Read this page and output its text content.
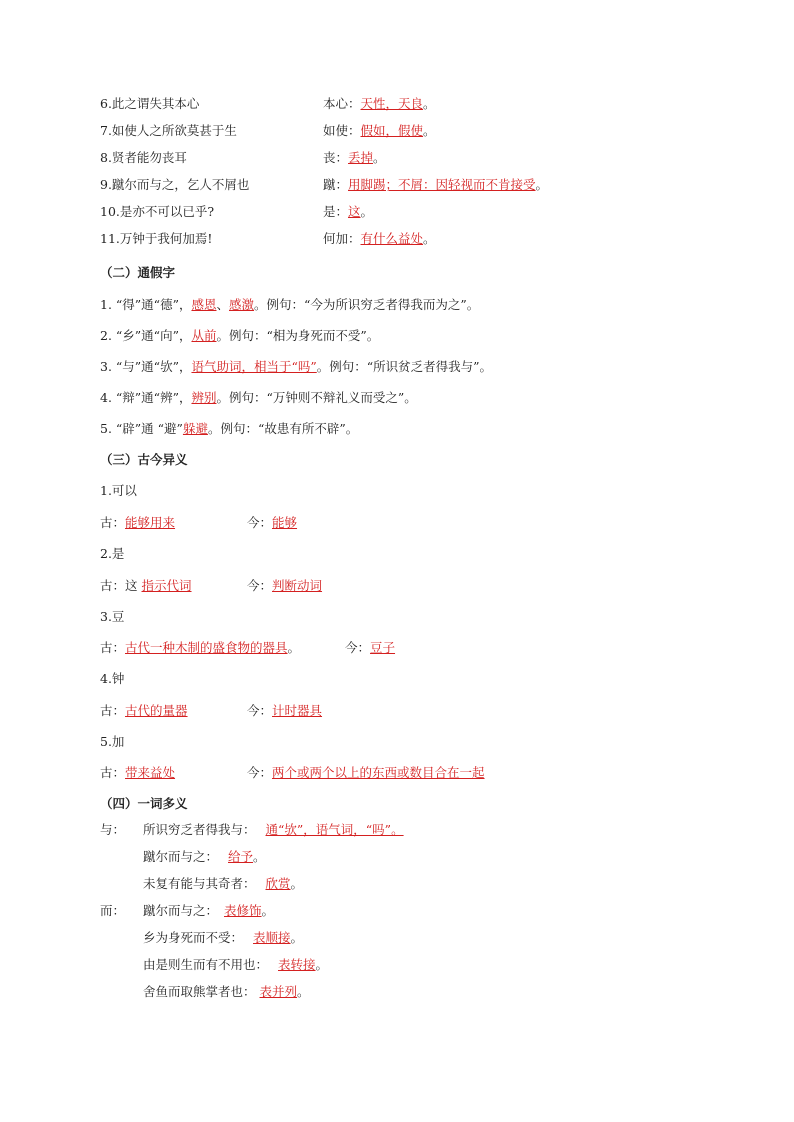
6.此之谓失其本心	本心：天性，天良。
7.如使人之所欲莫甚于生	如使：假如，假使。
8.贤者能勿丧耳	丧：丢掉。
9.蹴尔而与之，乞人不屑也	蹴：用脚踢；不屑：因轻视而不肯接受。
10.是亦不可以已乎?	是：这。
11.万钟于我何加焉!	何加：有什么益处。
（二）通假字
1. “得”通“德”，感恩、感激。例句：“今为所识穷乏者得我而为之”。
2. “乡”通“向”，从前。例句：“相为身死而不受”。
3. “与”通“欤”，语气助词，相当于“吗”。例句：“所识贫乏者得我与”。
4. “辩”通“辨”，辨别。例句：“万钟则不辩礼义而受之”。
5. “辟”通 “避”躲避。例句：“故患有所不辟”。
（三）古今异义
1.可以
古：能够用来	今：能够
2.是
古：这 指示代词	今：判断动词
3.豆
古：古代一种木制的盛食物的器具。	今：豆子
4.钟
古：古代的量器	今：计时器具
5.加
古：带来益处	今：两个或两个以上的东西或数目合在一起
（四）一词多义
与： 所识穷乏者得我与： 通“欤”，语气词，“吗”。
蹴尔而与之： 给予。
未复有能与其奇者： 欣赏。
而： 蹴尔而与之： 表修饰。
乡为身死而不受： 表顺接。
由是则生而有不用也： 表转接。
舍鱼而取熊掌者也： 表并列。
